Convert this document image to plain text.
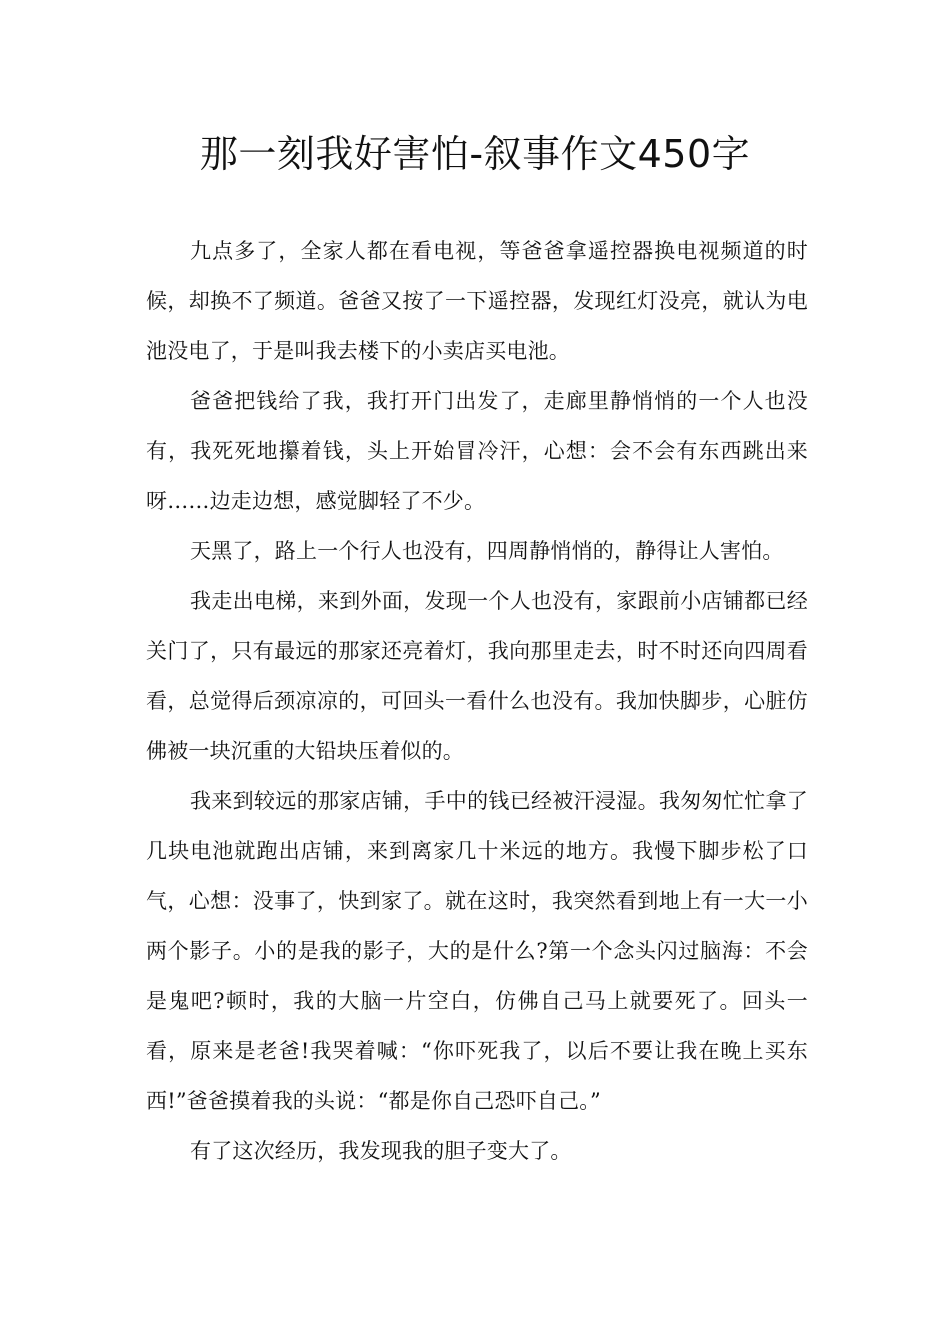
那一刻我好害怕-叙事作文450字

九点多了，全家人都在看电视，等爸爸拿遥控器换电视频道的时候，却换不了频道。爸爸又按了一下遥控器，发现红灯没亮，就认为电池没电了，于是叫我去楼下的小卖店买电池。

爸爸把钱给了我，我打开门出发了，走廊里静悄悄的一个人也没有，我死死地攥着钱，头上开始冒冷汗，心想：会不会有东西跳出来呀……边走边想，感觉脚轻了不少。

天黑了，路上一个行人也没有，四周静悄悄的，静得让人害怕。

我走出电梯，来到外面，发现一个人也没有，家跟前小店铺都已经关门了，只有最远的那家还亮着灯，我向那里走去，时不时还向四周看看，总觉得后颈凉凉的，可回头一看什么也没有。我加快脚步，心脏仿佛被一块沉重的大铅块压着似的。

我来到较远的那家店铺，手中的钱已经被汗浸湿。我匆匆忙忙拿了几块电池就跑出店铺，来到离家几十米远的地方。我慢下脚步松了口气，心想：没事了，快到家了。就在这时，我突然看到地上有一大一小两个影子。小的是我的影子，大的是什么?第一个念头闪过脑海：不会是鬼吧?顿时，我的大脑一片空白，仿佛自己马上就要死了。回头一看，原来是老爸!我哭着喊：“你吓死我了，以后不要让我在晚上买东西!”爸爸摸着我的头说：“都是你自己恐吓自己。”

有了这次经历，我发现我的胆子变大了。
